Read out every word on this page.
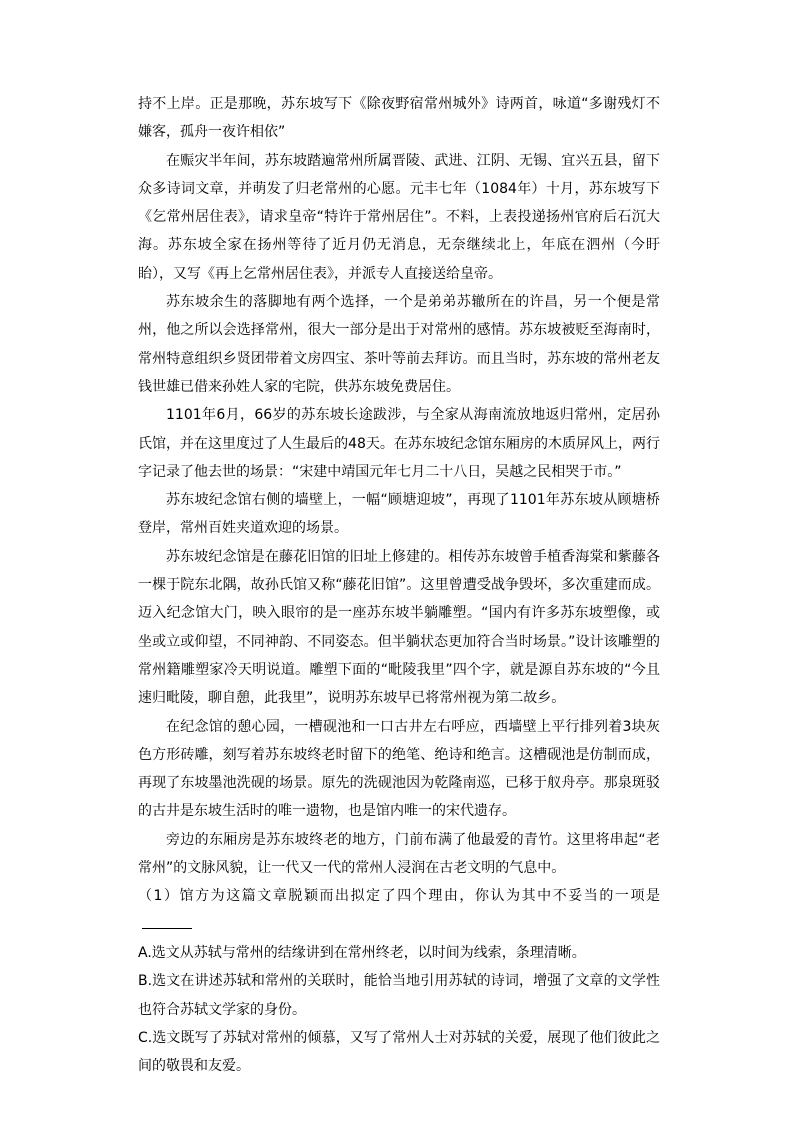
持不上岸。正是那晚，苏东坡写下《除夜野宿常州城外》诗两首，咏道“多谢残灯不嫌客，孤舟一夜许相依”

在赈灾半年间，苏东坡踏遍常州所属晋陵、武进、江阴、无锡、宜兴五县，留下众多诗词文章，并萌发了归老常州的心愿。元丰七年（1084年）十月，苏东坡写下《乞常州居住表》，请求皇帝“特许于常州居住”。不料，上表投递扬州官府后石沉大海。苏东坡全家在扬州等待了近月仍无消息，无奈继续北上，年底在泗州（今盱眙），又写《再上乞常州居住表》，并派专人直接送给皇帝。

苏东坡余生的落脚地有两个选择，一个是弟弟苏辙所在的许昌，另一个便是常州，他之所以会选择常州，很大一部分是出于对常州的感情。苏东坡被贬至海南时，常州特意组织乡贤团带着文房四宝、茶叶等前去拜访。而且当时，苏东坡的常州老友钱世雄已借来孙姓人家的宅院，供苏东坡免费居住。

1101年6月，66岁的苏东坡长途跋涉，与全家从海南流放地返归常州，定居孙氏馆，并在这里度过了人生最后的48天。在苏东坡纪念馆东厢房的木质屏风上，两行字记录了他去世的场景：“宋建中靖国元年七月二十八日，吴越之民相哭于市。”

苏东坡纪念馆右侧的墙壁上，一幅“顾塘迎坡”，再现了1101年苏东坡从顾塘桥登岸，常州百姓夹道欢迎的场景。

苏东坡纪念馆是在藤花旧馆的旧址上修建的。相传苏东坡曾手植香海棠和紫藤各一棵于院东北隅，故孙氏馆又称“藤花旧馆”。这里曾遭受战争毁坏，多次重建而成。迈入纪念馆大门，映入眼帘的是一座苏东坡半躺雕塑。“国内有许多苏东坡塑像，或坐或立或仰望，不同神韵、不同姿态。但半躺状态更加符合当时场景。”设计该雕塑的常州籍雕塑家冷天明说道。雕塑下面的“毗陵我里”四个字，就是源自苏东坡的“今且速归毗陵，聊自憩，此我里”，说明苏东坡早已将常州视为第二故乡。

在纪念馆的憩心园，一槽砚池和一口古井左右呼应，西墙壁上平行排列着3块灰色方形砖雕，刻写着苏东坡终老时留下的绝笔、绝诗和绝言。这槽砚池是仿制而成，再现了东坡墨池洗砚的场景。原先的洗砚池因为乾隆南巡，已移于舣舟亭。那泉斑驳的古井是东坡生活时的唯一遗物，也是馆内唯一的宋代遗存。

旁边的东厢房是苏东坡终老的地方，门前布满了他最爱的青竹。这里将串起“老常州”的文脉风貌，让一代又一代的常州人浸润在古老文明的气息中。

（1）馆方为这篇文章脱颖而出拟定了四个理由，你认为其中不妥当的一项是

A.选文从苏轼与常州的结缘讲到在常州终老，以时间为线索，条理清晰。

B.选文在讲述苏轼和常州的关联时，能恰当地引用苏轼的诗词，增强了文章的文学性也符合苏轼文学家的身份。

C.选文既写了苏轼对常州的倾慕，又写了常州人士对苏轼的关爱，展现了他们彼此之间的敬畏和友爱。
